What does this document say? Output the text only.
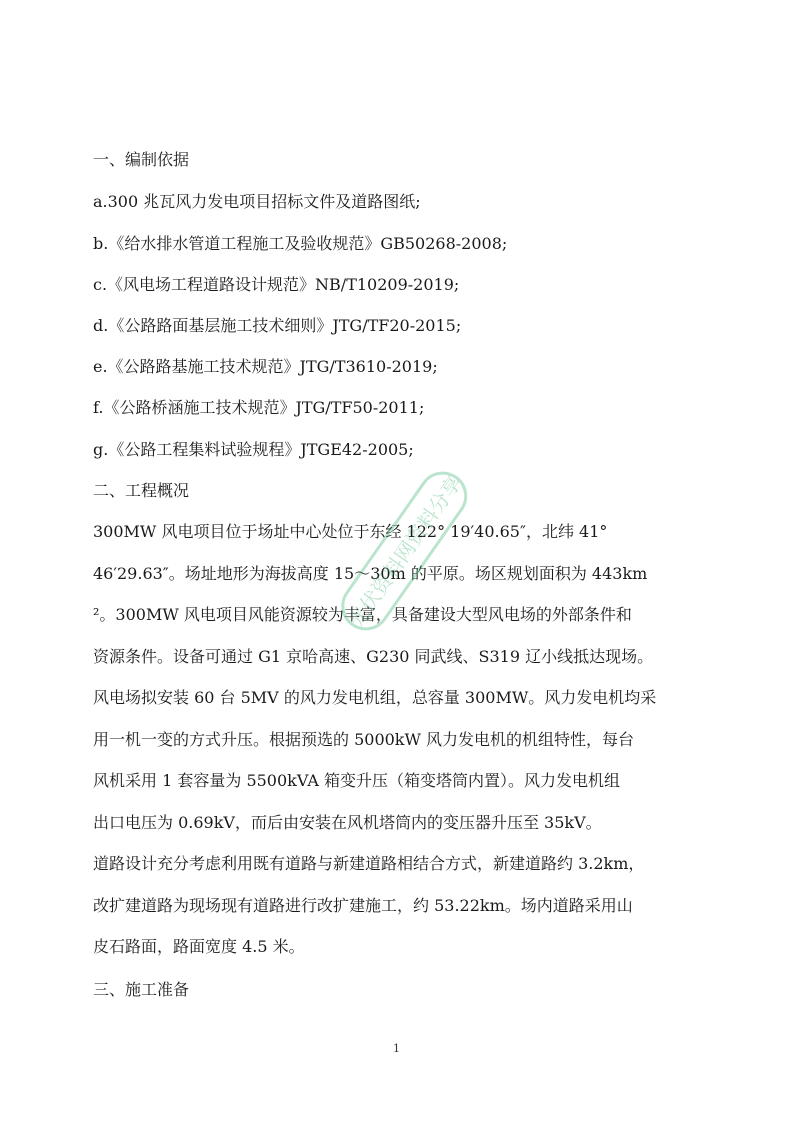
一、编制依据
a.300 兆瓦风力发电项目招标文件及道路图纸;
b.《给水排水管道工程施工及验收规范》GB50268-2008;
c.《风电场工程道路设计规范》NB/T10209-2019;
d.《公路路面基层施工技术细则》JTG/TF20-2015;
e.《公路路基施工技术规范》JTG/T3610-2019;
f.《公路桥涵施工技术规范》JTG/TF50-2011;
g.《公路工程集料试验规程》JTGE42-2005;
二、工程概况
300MW 风电项目位于场址中心处位于东经 122° 19′40.65″，北纬 41°
46′29.63″。场址地形为海拔高度 15～30m 的平原。场区规划面积为 443km
²。300MW 风电项目风能资源较为丰富，具备建设大型风电场的外部条件和
资源条件。设备可通过 G1 京哈高速、G230 同武线、S319 辽小线抵达现场。
风电场拟安装 60 台 5MV 的风力发电机组，总容量 300MW。风力发电机均采
用一机一变的方式升压。根据预选的 5000kW 风力发电机的机组特性，每台
风机采用 1 套容量为 5500kVA 箱变升压（箱变塔筒内置）。风力发电机组
出口电压为 0.69kV，而后由安装在风机塔筒内的变压器升压至 35kV。
道路设计充分考虑利用既有道路与新建道路相结合方式，新建道路约 3.2km，
改扩建道路为现场现有道路进行改扩建施工，约 53.22km。场内道路采用山
皮石路面，路面宽度 4.5 米。
三、施工准备
1
光伏资料网资料分享
